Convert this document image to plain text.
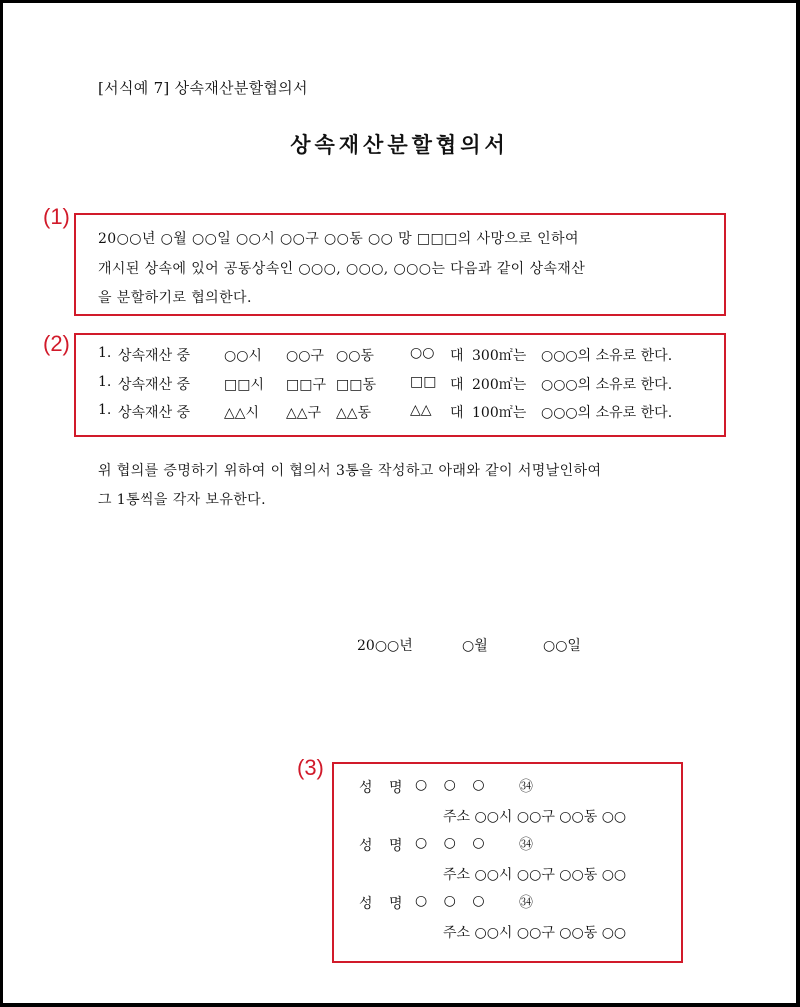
[서식예 7] 상속재산분할협의서
상속재산분할협의서
(1)
20○○년 ○월 ○○일 ○○시 ○○구 ○○동 ○○ 망 □□□의 사망으로 인하여
개시된 상속에 있어 공동상속인 ○○○, ○○○, ○○○는 다음과 같이 상속재산
을 분할하기로 협의한다.
(2) 1. 상속재산 중 ○○시 ○○구 ○○동	○○ 대 300㎡는 ○○○의 소유로 한다.
1. 상속재산 중 □□시 □□구 □□동 □□ 대 200㎡는 ○○○의 소유로 한다.
1. 상속재산 중 △△시 △△구 △△동	△△ 대 100㎡는 ○○○의 소유로 한다.
위 협의를 증명하기 위하여 이 협의서 3통을 작성하고 아래와 같이 서명날인하여
그 1통씩을 각자 보유한다.
20○○년	○월	○○일
(3)
성 명 ○ ○ ○ ㉞
주소 ○○시 ○○구 ○○동 ○○
성 명 ○ ○ ○ ㉞
주소 ○○시 ○○구 ○○동 ○○
성 명 ○ ○ ○ ㉞
주소 ○○시 ○○구 ○○동 ○○
